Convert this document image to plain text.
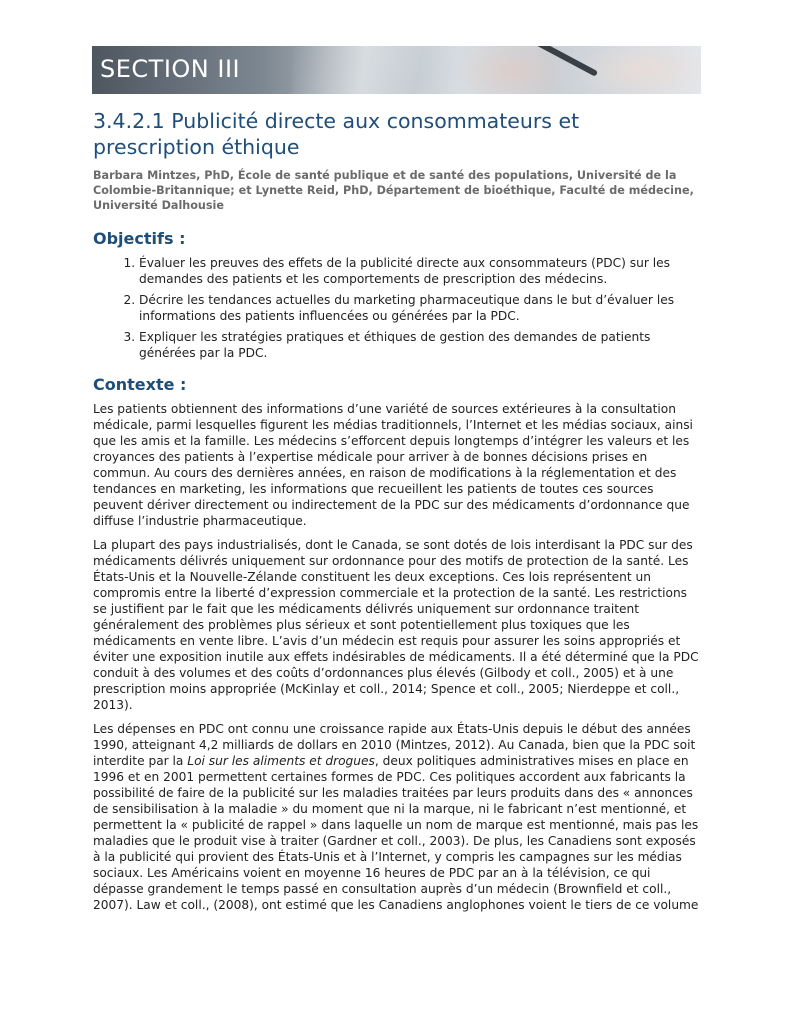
SECTION III
3.4.2.1 Publicité directe aux consommateurs et prescription éthique
Barbara Mintzes, PhD, École de santé publique et de santé des populations, Université de la Colombie-Britannique; et Lynette Reid, PhD, Département de bioéthique, Faculté de médecine, Université Dalhousie
Objectifs :
1. Évaluer les preuves des effets de la publicité directe aux consommateurs (PDC) sur les demandes des patients et les comportements de prescription des médecins.
2. Décrire les tendances actuelles du marketing pharmaceutique dans le but d’évaluer les informations des patients influencées ou générées par la PDC.
3. Expliquer les stratégies pratiques et éthiques de gestion des demandes de patients générées par la PDC.
Contexte :

Les patients obtiennent des informations d’une variété de sources extérieures à la consultation médicale, parmi lesquelles figurent les médias traditionnels, l’Internet et les médias sociaux, ainsi que les amis et la famille. Les médecins s’efforcent depuis longtemps d’intégrer les valeurs et les croyances des patients à l’expertise médicale pour arriver à de bonnes décisions prises en commun. Au cours des dernières années, en raison de modifications à la réglementation et des tendances en marketing, les informations que recueillent les patients de toutes ces sources peuvent dériver directement ou indirectement de la PDC sur des médicaments d’ordonnance que diffuse l’industrie pharmaceutique.

La plupart des pays industrialisés, dont le Canada, se sont dotés de lois interdisant la PDC sur des médicaments délivrés uniquement sur ordonnance pour des motifs de protection de la santé. Les États-Unis et la Nouvelle-Zélande constituent les deux exceptions. Ces lois représentent un compromis entre la liberté d’expression commerciale et la protection de la santé. Les restrictions se justifient par le fait que les médicaments délivrés uniquement sur ordonnance traitent généralement des problèmes plus sérieux et sont potentiellement plus toxiques que les médicaments en vente libre. L’avis d’un médecin est requis pour assurer les soins appropriés et éviter une exposition inutile aux effets indésirables de médicaments. Il a été déterminé que la PDC conduit à des volumes et des coûts d’ordonnances plus élevés (Gilbody et coll., 2005) et à une prescription moins appropriée (McKinlay et coll., 2014; Spence et coll., 2005; Nierdeppe et coll., 2013).

Les dépenses en PDC ont connu une croissance rapide aux États-Unis depuis le début des années 1990, atteignant 4,2 milliards de dollars en 2010 (Mintzes, 2012). Au Canada, bien que la PDC soit interdite par la Loi sur les aliments et drogues, deux politiques administratives mises en place en 1996 et en 2001 permettent certaines formes de PDC. Ces politiques accordent aux fabricants la possibilité de faire de la publicité sur les maladies traitées par leurs produits dans des « annonces de sensibilisation à la maladie » du moment que ni la marque, ni le fabricant n’est mentionné, et permettent la « publicité de rappel » dans laquelle un nom de marque est mentionné, mais pas les maladies que le produit vise à traiter (Gardner et coll., 2003). De plus, les Canadiens sont exposés à la publicité qui provient des États-Unis et à l’Internet, y compris les campagnes sur les médias sociaux. Les Américains voient en moyenne 16 heures de PDC par an à la télévision, ce qui dépasse grandement le temps passé en consultation auprès d’un médecin (Brownfield et coll., 2007). Law et coll., (2008), ont estimé que les Canadiens anglophones voient le tiers de ce volume
